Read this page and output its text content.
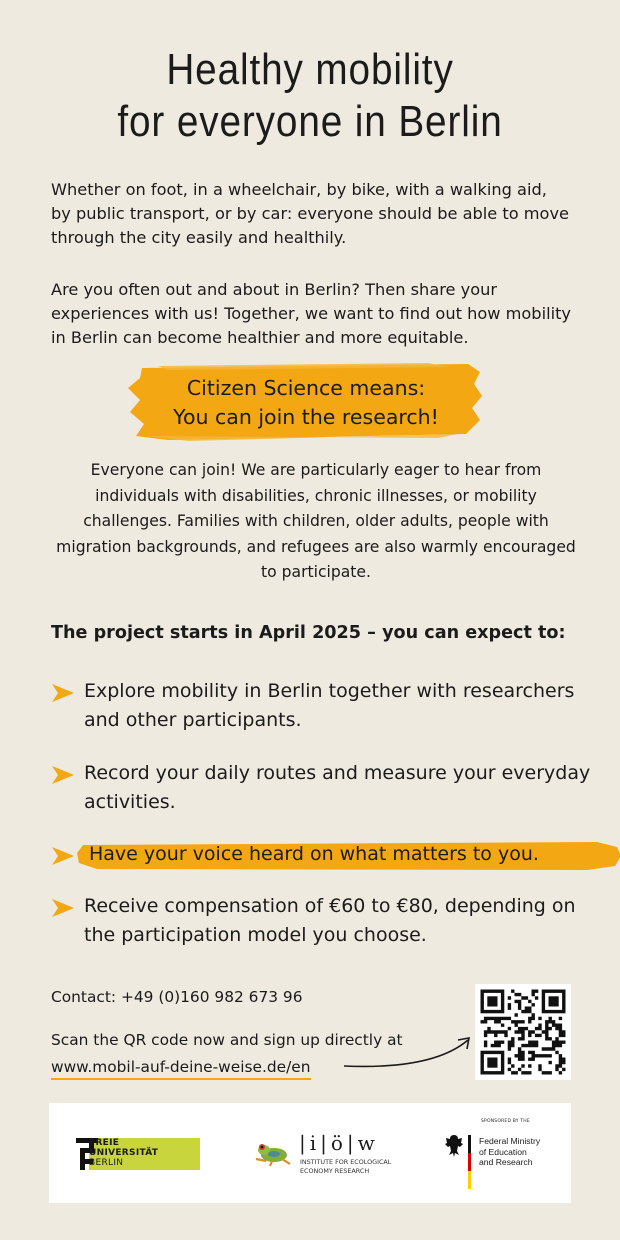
Healthy mobility
for everyone in Berlin

Whether on foot, in a wheelchair, by bike, with a walking aid, by public transport, or by car: everyone should be able to move through the city easily and healthily.

Are you often out and about in Berlin? Then share your experiences with us! Together, we want to find out how mobility in Berlin can become healthier and more equitable.

Citizen Science means:
You can join the research!

Everyone can join! We are particularly eager to hear from individuals with disabilities, chronic illnesses, or mobility challenges. Families with children, older adults, people with migration backgrounds, and refugees are also warmly encouraged to participate.

The project starts in April 2025 – you can expect to:
Explore mobility in Berlin together with researchers and other participants.
Record your daily routes and measure your everyday activities.
Have your voice heard on what matters to you.
Receive compensation of €60 to €80, depending on the participation model you choose.
Contact: +49 (0)160 982 673 96
Scan the QR code now and sign up directly at
www.mobil-auf-deine-weise.de/en
FREIE
UNIVERSITÄT
BERLIN
|i|ö|w
INSTITUTE FOR ECOLOGICAL
ECONOMY RESEARCH
SPONSORED BY THE
Federal Ministry
of Education
and Research
